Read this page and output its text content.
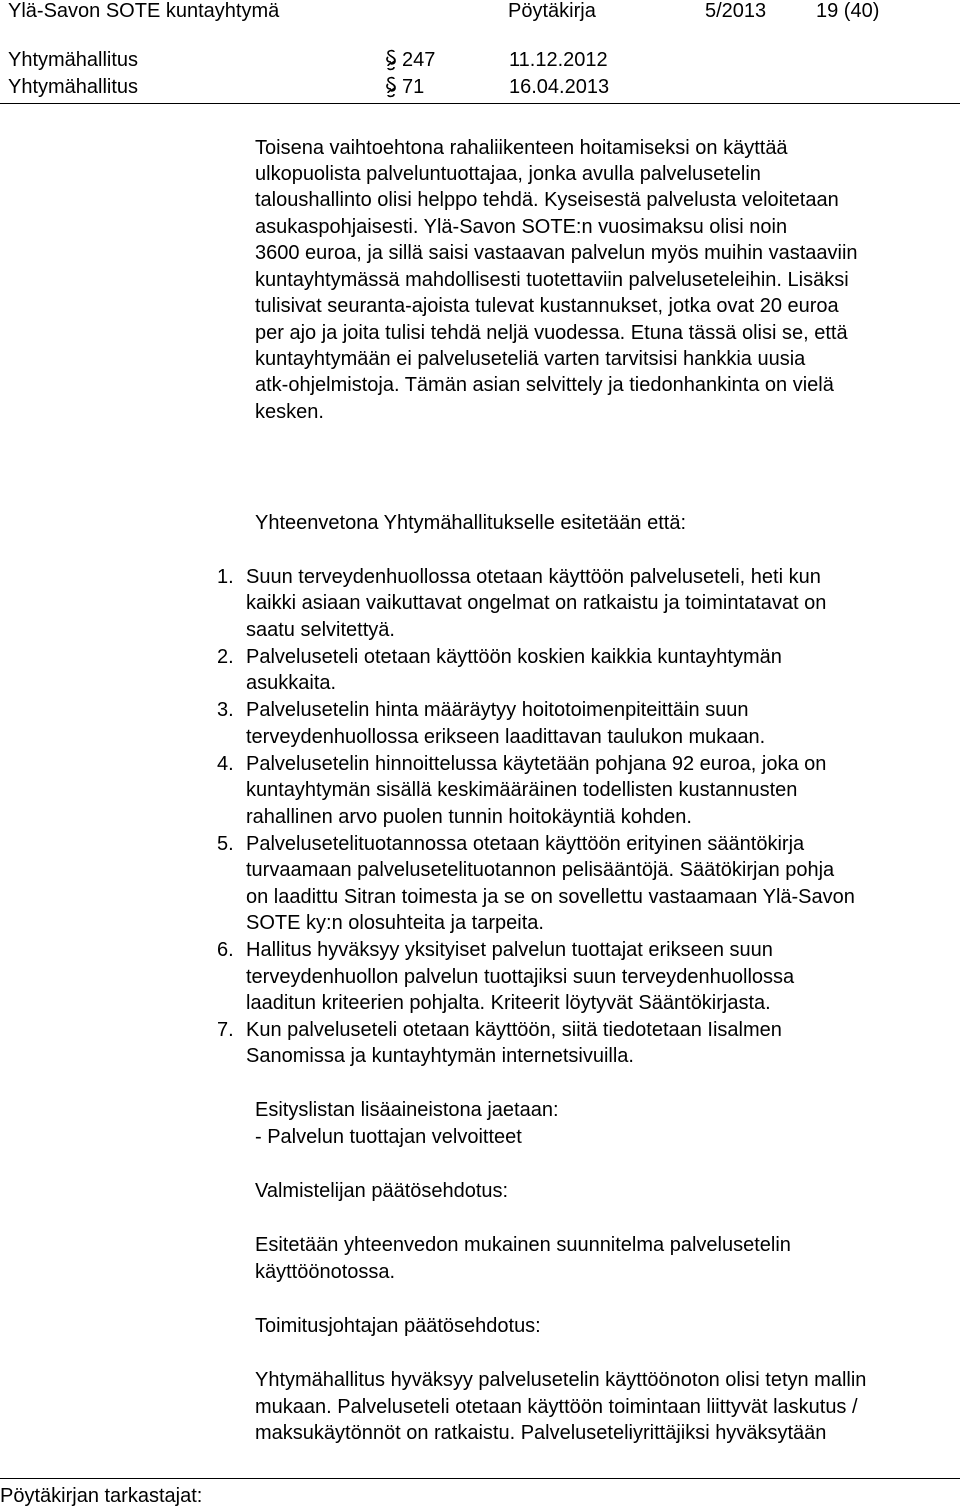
Ylä-Savon SOTE kuntayhtymä	Pöytäkirja	5/2013 19 (40)
Yhtymähallitus	247	11.12.2012
Yhtymähallitus	71	16.04.2013
Toisena vaihtoehtona rahaliikenteen hoitamiseksi on käyttää
ulkopuolista palveluntuottajaa, jonka avulla palvelusetelin
taloushallinto olisi helppo tehdä. Kyseisestä palvelusta veloitetaan
asukaspohjaisesti. Ylä-Savon SOTE:n vuosimaksu olisi noin
3600 euroa, ja sillä saisi vastaavan palvelun myös muihin vastaaviin
kuntayhtymässä mahdollisesti tuotettaviin palveluseteleihin. Lisäksi
tulisivat seuranta-ajoista tulevat kustannukset, jotka ovat 20 euroa
per ajo ja joita tulisi tehdä neljä vuodessa. Etuna tässä olisi se, että
kuntayhtymään ei palveluseteliä varten tarvitsisi hankkia uusia
atk-ohjelmistoja. Tämän asian selvittely ja tiedonhankinta on vielä
kesken.
Yhteenvetona Yhtymähallitukselle esitetään että:
1. Suun terveydenhuollossa otetaan käyttöön palveluseteli, heti kun
kaikki asiaan vaikuttavat ongelmat on ratkaistu ja toimintatavat on
saatu selvitettyä.
2. Palveluseteli otetaan käyttöön koskien kaikkia kuntayhtymän
asukkaita.
3. Palvelusetelin hinta määräytyy hoitotoimenpiteittäin suun
terveydenhuollossa erikseen laadittavan taulukon mukaan.
4. Palvelusetelin hinnoittelussa käytetään pohjana 92 euroa, joka on
kuntayhtymän sisällä keskimääräinen todellisten kustannusten
rahallinen arvo puolen tunnin hoitokäyntiä kohden.
5. Palvelusetelituotannossa otetaan käyttöön erityinen sääntökirja
turvaamaan palvelusetelituotannon pelisääntöjä. Säätökirjan pohja
on laadittu Sitran toimesta ja se on sovellettu vastaamaan Ylä-Savon
SOTE ky:n olosuhteita ja tarpeita.
6. Hallitus hyväksyy yksityiset palvelun tuottajat erikseen suun
terveydenhuollon palvelun tuottajiksi suun terveydenhuollossa
laaditun kriteerien pohjalta. Kriteerit löytyvät Sääntökirjasta.
7. Kun palveluseteli otetaan käyttöön, siitä tiedotetaan Iisalmen
Sanomissa ja kuntayhtymän internetsivuilla.
Esityslistan lisäaineistona jaetaan:
- Palvelun tuottajan velvoitteet
Valmistelijan päätösehdotus:
Esitetään yhteenvedon mukainen suunnitelma palvelusetelin
käyttöönotossa.
Toimitusjohtajan päätösehdotus:
Yhtymähallitus hyväksyy palvelusetelin käyttöönoton olisi tetyn mallin
mukaan. Palveluseteli otetaan käyttöön toimintaan liittyvät laskutus /
maksukäytönnöt on ratkaistu. Palveluseteliyrittäjiksi hyväksytään
Pöytäkirjan tarkastajat:
